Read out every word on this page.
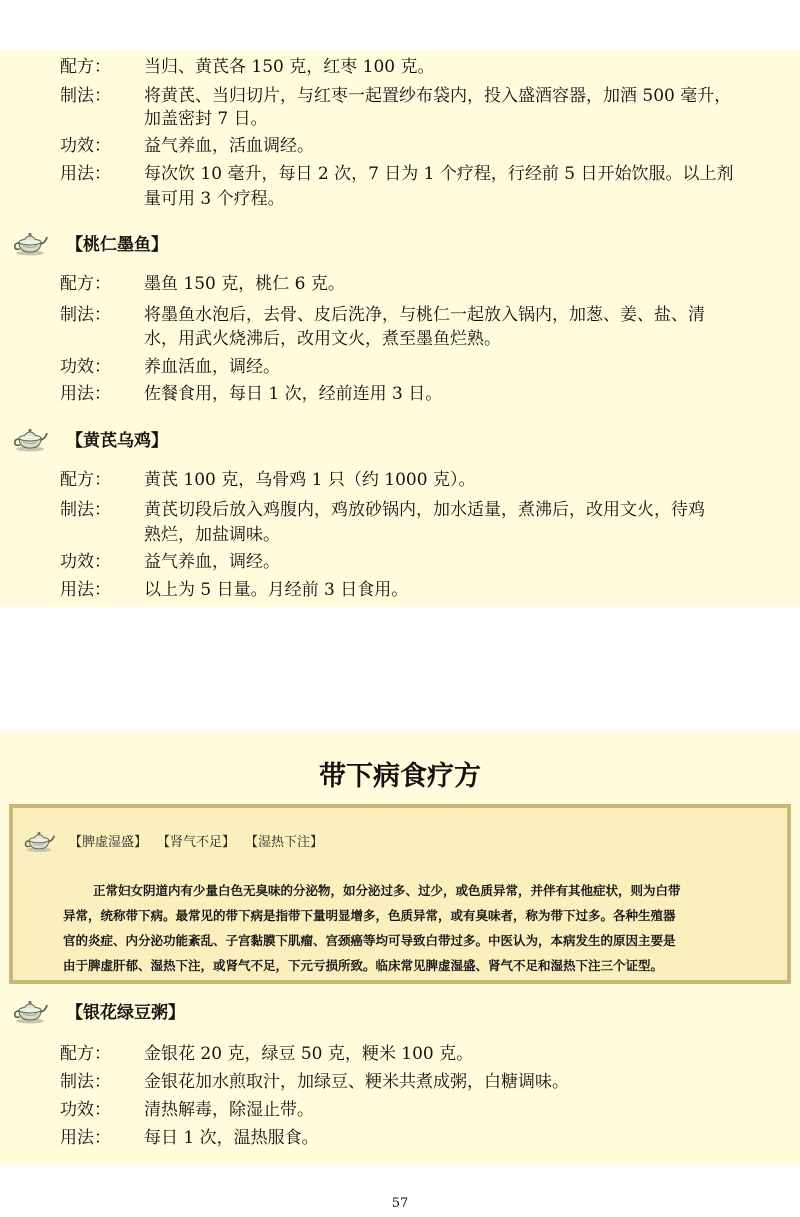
配方：	当归、黄芪各 150 克，红枣 100 克。
制法：	将黄芪、当归切片，与红枣一起置纱布袋内，投入盛酒容器，加酒 500 毫升，
加盖密封 7 日。
功效：	益气养血，活血调经。
用法：	每次饮 10 毫升，每日 2 次，7 日为 1 个疗程，行经前 5 日开始饮服。以上剂
量可用 3 个疗程。
【桃仁墨鱼】
配方：	墨鱼 150 克，桃仁 6 克。
制法：	将墨鱼水泡后，去骨、皮后洗净，与桃仁一起放入锅内，加葱、姜、盐、清
水，用武火烧沸后，改用文火，煮至墨鱼烂熟。
功效：	养血活血，调经。
用法：	佐餐食用，每日 1 次，经前连用 3 日。
【黄芪乌鸡】
配方：	黄芪 100 克，乌骨鸡 1 只（约 1000 克）。
制法：	黄芪切段后放入鸡腹内，鸡放砂锅内，加水适量，煮沸后，改用文火，待鸡
熟烂，加盐调味。
功效：	益气养血，调经。
用法：	以上为 5 日量。月经前 3 日食用。
带下病食疗方
【脾虚湿盛】 【肾气不足】 【湿热下注】

正常妇女阴道内有少量白色无臭味的分泌物，如分泌过多、过少，或色质异常，并伴有其他症状，则为白带

异常，统称带下病。最常见的带下病是指带下量明显增多，色质异常，或有臭味者，称为带下过多。各种生殖器

官的炎症、内分泌功能紊乱、子宫黏膜下肌瘤、宫颈癌等均可导致白带过多。中医认为，本病发生的原因主要是

由于脾虚肝郁、湿热下注，或肾气不足，下元亏损所致。临床常见脾虚湿盛、肾气不足和湿热下注三个证型。

【银花绿豆粥】
配方：	金银花 20 克，绿豆 50 克，粳米 100 克。
制法：	金银花加水煎取汁，加绿豆、粳米共煮成粥，白糖调味。
功效：	清热解毒，除湿止带。
用法：	每日 1 次，温热服食。
57
